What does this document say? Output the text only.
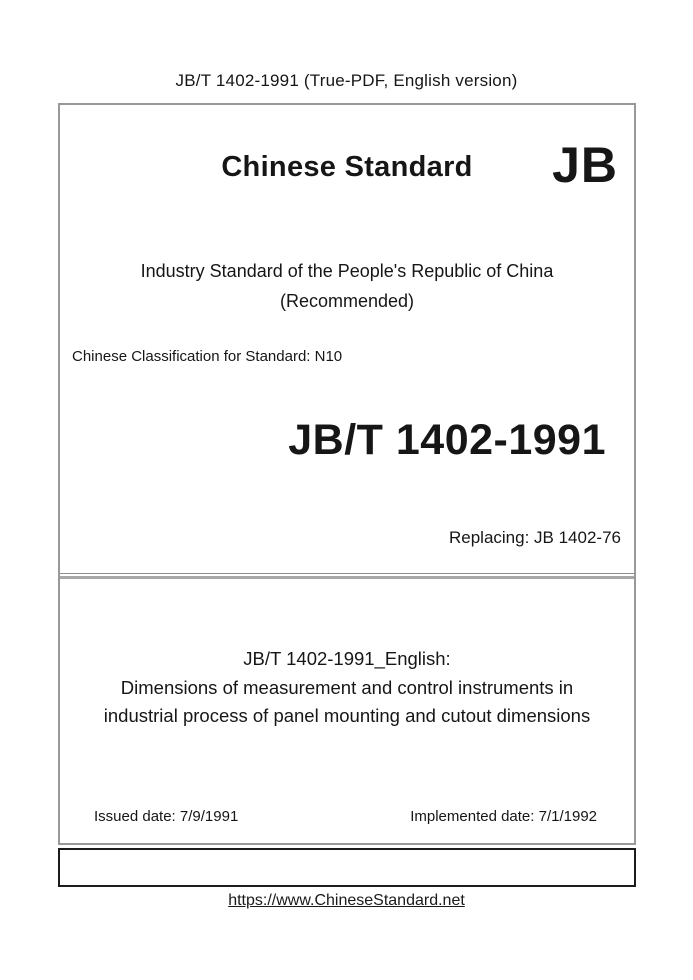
JB/T 1402-1991 (True-PDF, English version)
Chinese Standard	JB
Industry Standard of the People's Republic of China
(Recommended)
Chinese Classification for Standard: N10
JB/T 1402-1991
Replacing: JB 1402-76
JB/T 1402-1991_English:
Dimensions of measurement and control instruments in
industrial process of panel mounting and cutout dimensions
Issued date: 7/9/1991	Implemented date: 7/1/1992
https://www.ChineseStandard.net
